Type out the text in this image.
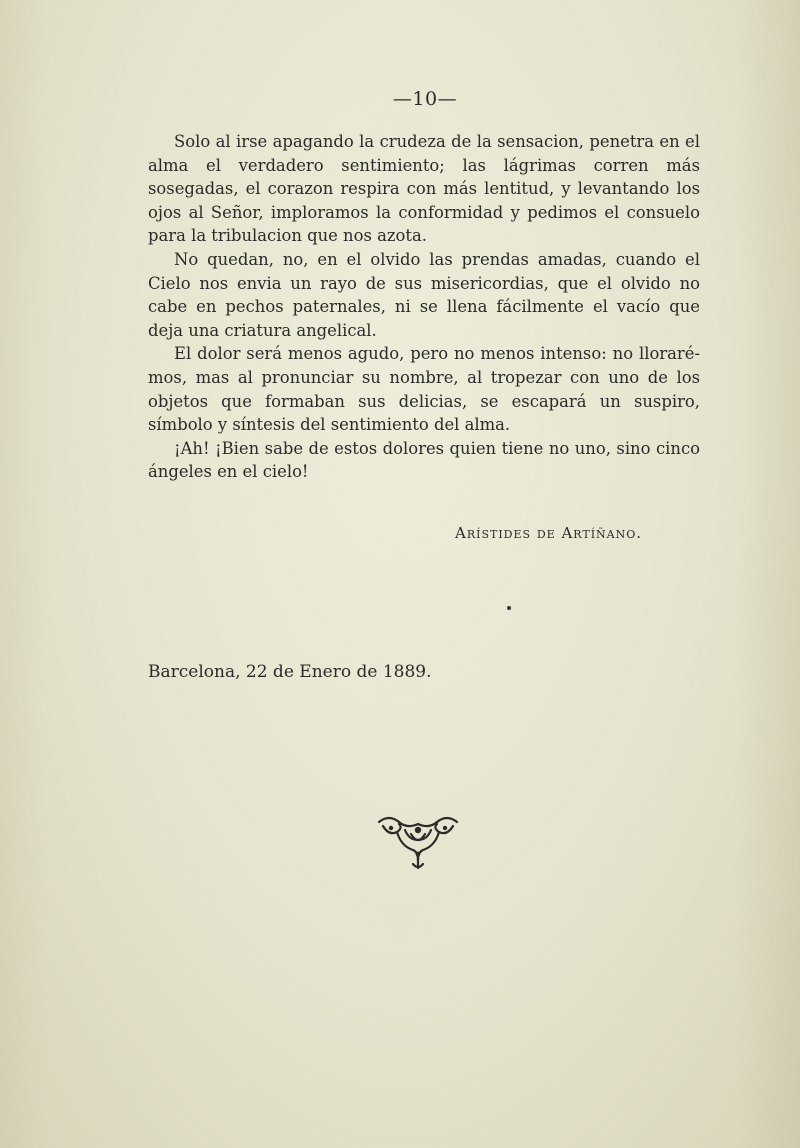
—10—

Solo al irse apagando la crudeza de la sensacion, penetra en el alma el verdadero sentimiento; las lágrimas corren más sosegadas, el corazon respira con más lentitud, y levantando los ojos al Señor, imploramos la conformidad y pedimos el consuelo para la tribulacion que nos azota.

No quedan, no, en el olvido las prendas amadas, cuando el Cielo nos envia un rayo de sus misericordias, que el olvido no cabe en pechos paternales, ni se llena fácilmente el vacío que deja una criatura angelical.

El dolor será menos agudo, pero no menos intenso: no llorarémos, mas al pronunciar su nombre, al tropezar con uno de los objetos que formaban sus delicias, se escapará un suspiro, símbolo y síntesis del sentimiento del alma.

¡Ah! ¡Bien sabe de estos dolores quien tiene no uno, sino cinco ángeles en el cielo!

Arístides de Artíñano.
Barcelona, 22 de Enero de 1889.
